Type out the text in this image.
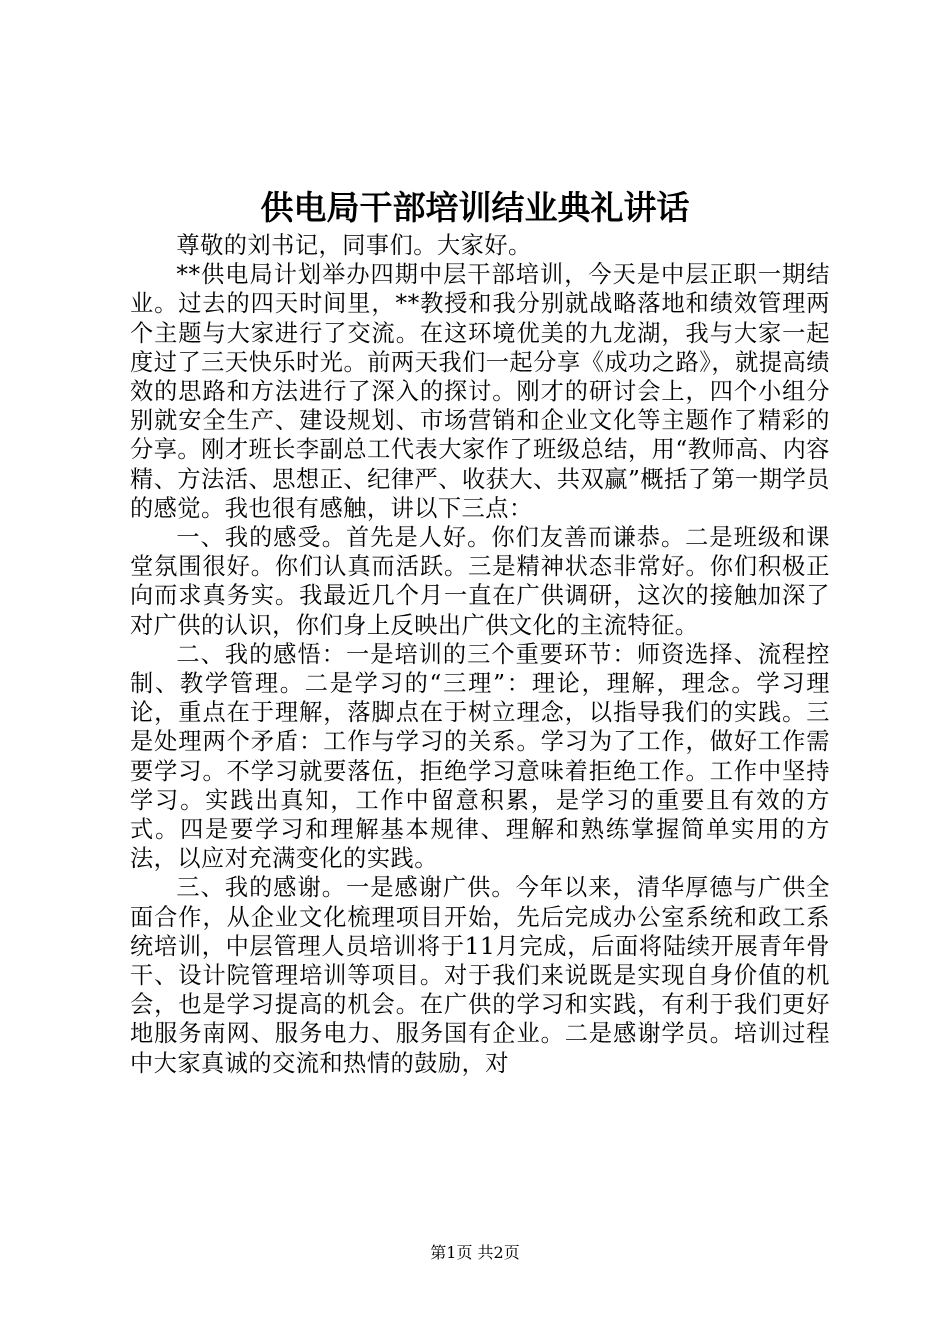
供电局干部培训结业典礼讲话

尊敬的刘书记，同事们。大家好。

**供电局计划举办四期中层干部培训，今天是中层正职一期结业。过去的四天时间里，**教授和我分别就战略落地和绩效管理两个主题与大家进行了交流。在这环境优美的九龙湖，我与大家一起度过了三天快乐时光。前两天我们一起分享《成功之路》，就提高绩效的思路和方法进行了深入的探讨。刚才的研讨会上，四个小组分别就安全生产、建设规划、市场营销和企业文化等主题作了精彩的分享。刚才班长李副总工代表大家作了班级总结，用“教师高、内容精、方法活、思想正、纪律严、收获大、共双赢”概括了第一期学员的感觉。我也很有感触，讲以下三点：

一、我的感受。首先是人好。你们友善而谦恭。二是班级和课堂氛围很好。你们认真而活跃。三是精神状态非常好。你们积极正向而求真务实。我最近几个月一直在广供调研，这次的接触加深了对广供的认识，你们身上反映出广供文化的主流特征。

二、我的感悟：一是培训的三个重要环节：师资选择、流程控制、教学管理。二是学习的“三理”：理论，理解，理念。学习理论，重点在于理解，落脚点在于树立理念，以指导我们的实践。三是处理两个矛盾：工作与学习的关系。学习为了工作，做好工作需要学习。不学习就要落伍，拒绝学习意味着拒绝工作。工作中坚持学习。实践出真知，工作中留意积累，是学习的重要且有效的方式。四是要学习和理解基本规律、理解和熟练掌握简单实用的方法，以应对充满变化的实践。

三、我的感谢。一是感谢广供。今年以来，清华厚德与广供全面合作，从企业文化梳理项目开始，先后完成办公室系统和政工系统培训，中层管理人员培训将于11月完成，后面将陆续开展青年骨干、设计院管理培训等项目。对于我们来说既是实现自身价值的机会，也是学习提高的机会。在广供的学习和实践，有利于我们更好地服务南网、服务电力、服务国有企业。二是感谢学员。培训过程中大家真诚的交流和热情的鼓励，对

第1页 共2页
